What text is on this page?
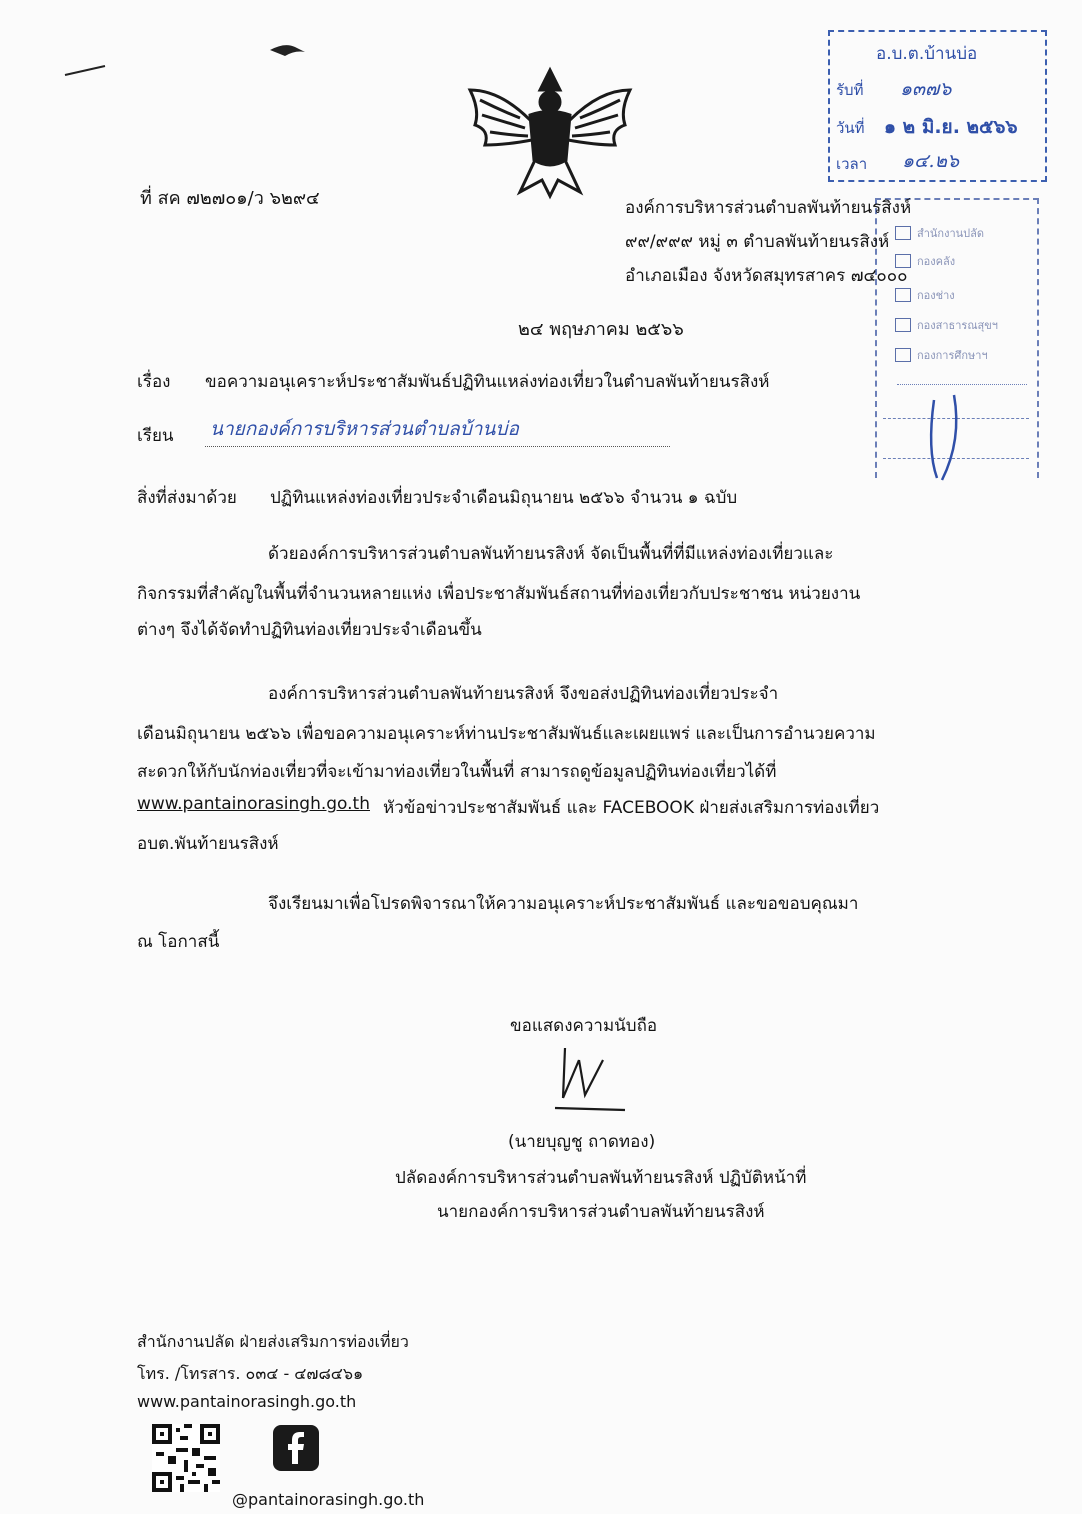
อ.บ.ต.บ้านบ่อ
รับที่ ๑๓๗๖
วันที่ ๑ ๒ มิ.ย. ๒๕๖๖
เวลา ๑๔.๒๖
สำนักงานปลัด
กองคลัง
กองช่าง
กองสาธารณสุขฯ
กองการศึกษาฯ
ที่ สค ๗๒๗๐๑/ว ๖๒๙๔	องค์การบริหารส่วนตำบลพันท้ายนรสิงห์
๙๙/๙๙๙ หมู่ ๓ ตำบลพันท้ายนรสิงห์
อำเภอเมือง จังหวัดสมุทรสาคร ๗๔๐๐๐
๒๔ พฤษภาคม ๒๕๖๖
เรื่อง ขอความอนุเคราะห์ประชาสัมพันธ์ปฏิทินแหล่งท่องเที่ยวในตำบลพันท้ายนรสิงห์
เรียน นายกองค์การบริหารส่วนตำบลบ้านบ่อ
สิ่งที่ส่งมาด้วย ปฏิทินแหล่งท่องเที่ยวประจำเดือนมิถุนายน ๒๕๖๖ จำนวน ๑ ฉบับ
ด้วยองค์การบริหารส่วนตำบลพันท้ายนรสิงห์ จัดเป็นพื้นที่ที่มีแหล่งท่องเที่ยวและ
กิจกรรมที่สำคัญในพื้นที่จำนวนหลายแห่ง เพื่อประชาสัมพันธ์สถานที่ท่องเที่ยวกับประชาชน หน่วยงาน
ต่างๆ จึงได้จัดทำปฏิทินท่องเที่ยวประจำเดือนขึ้น
องค์การบริหารส่วนตำบลพันท้ายนรสิงห์ จึงขอส่งปฏิทินท่องเที่ยวประจำ
เดือนมิถุนายน ๒๕๖๖ เพื่อขอความอนุเคราะห์ท่านประชาสัมพันธ์และเผยแพร่ และเป็นการอำนวยความ
สะดวกให้กับนักท่องเที่ยวที่จะเข้ามาท่องเที่ยวในพื้นที่ สามารถดูข้อมูลปฏิทินท่องเที่ยวได้ที่
www.pantainorasingh.go.th หัวข้อข่าวประชาสัมพันธ์ และ FACEBOOK ฝ่ายส่งเสริมการท่องเที่ยว
อบต.พันท้ายนรสิงห์
จึงเรียนมาเพื่อโปรดพิจารณาให้ความอนุเคราะห์ประชาสัมพันธ์ และขอขอบคุณมา
ณ โอกาสนี้
ขอแสดงความนับถือ
(นายบุญชู ถาดทอง)
ปลัดองค์การบริหารส่วนตำบลพันท้ายนรสิงห์ ปฏิบัติหน้าที่
นายกองค์การบริหารส่วนตำบลพันท้ายนรสิงห์
สำนักงานปลัด ฝ่ายส่งเสริมการท่องเที่ยว
โทร. /โทรสาร. ๐๓๔ - ๔๗๘๔๖๑
www.pantainorasingh.go.th
@pantainorasingh.go.th
